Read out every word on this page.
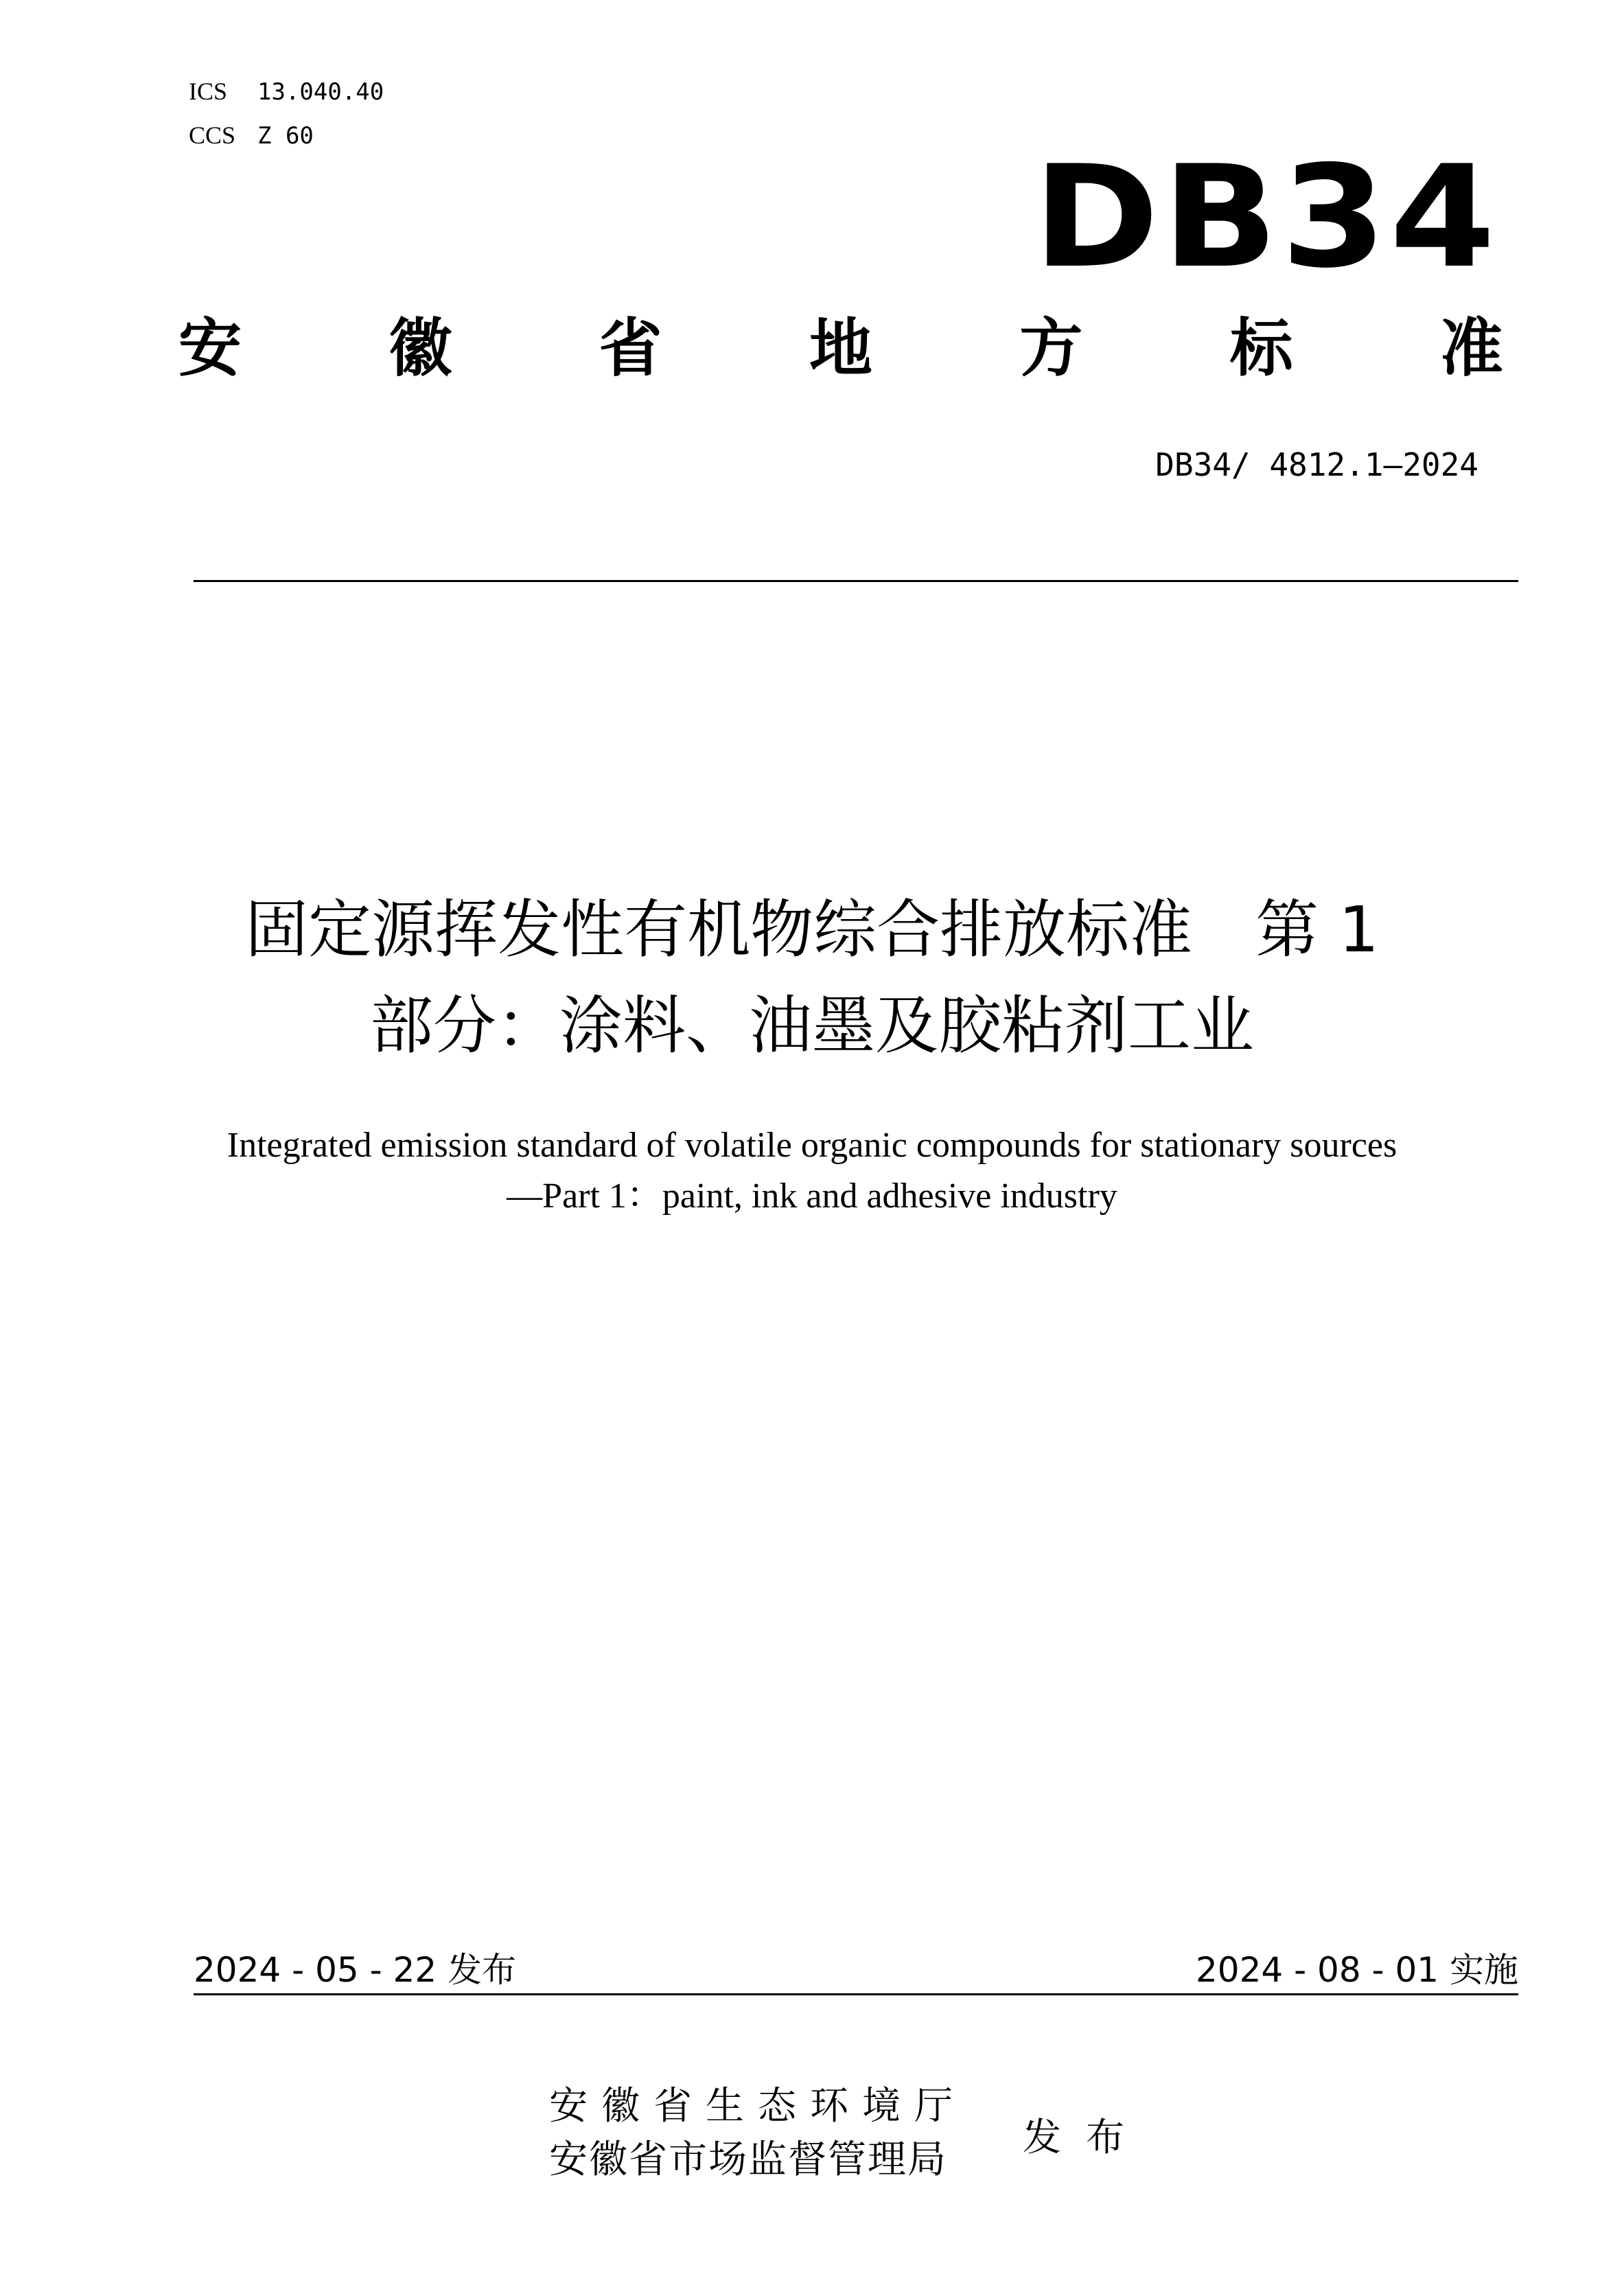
ICS	13.040.40
CCS Z 60	DB34
安 徽 省 地 方 标 准
DB34/ 4812.1—2024
固定源挥发性有机物综合排放标准　第 1
部分：涂料、油墨及胶粘剂工业
Integrated emission standard of volatile organic compounds for stationary sources
—Part 1：paint, ink and adhesive industry
2024 - 05 - 22 发布	2024 - 08 - 01 实施
安徽省生态环境厅
安徽省市场监督管理局	发布
